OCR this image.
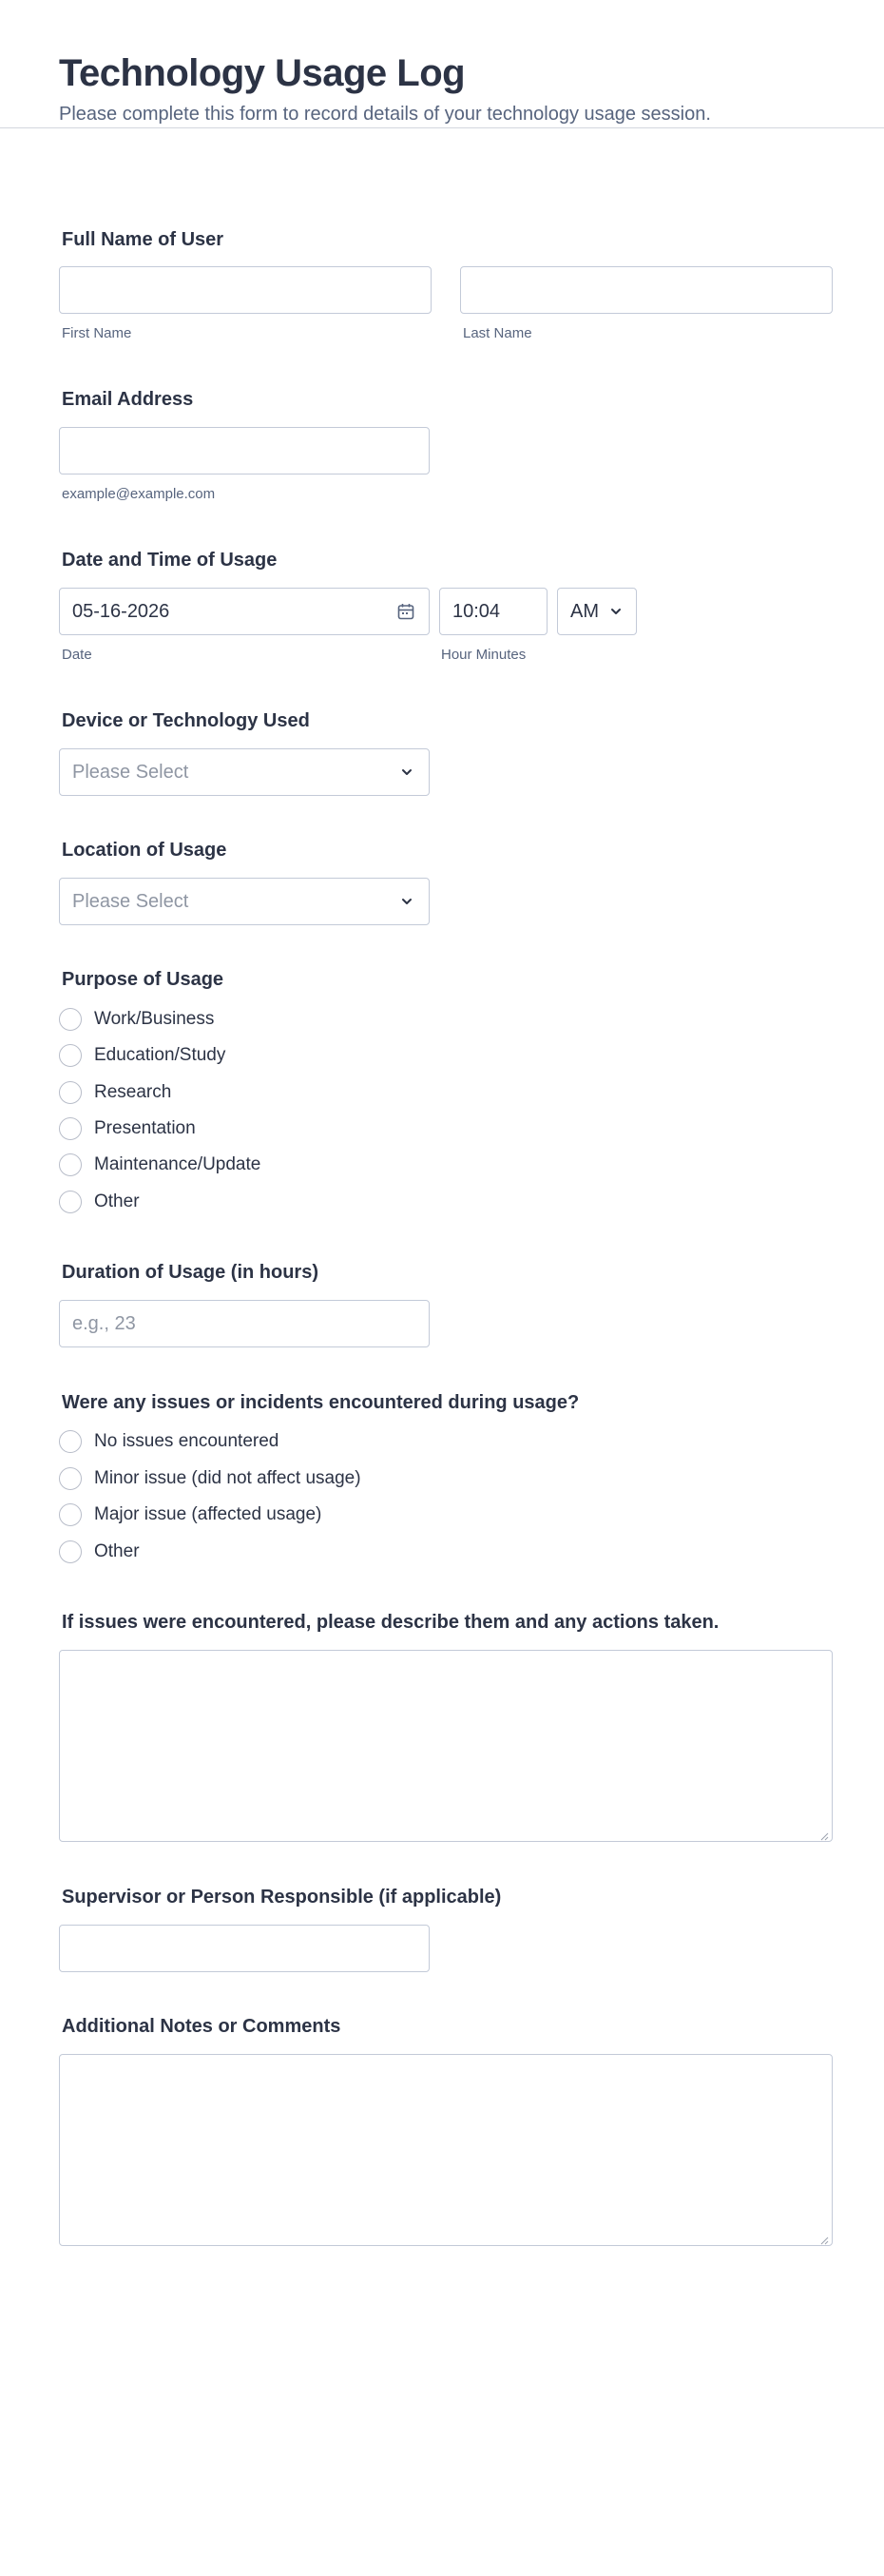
Technology Usage Log
Please complete this form to record details of your technology usage session.
Full Name of User
First Name	Last Name
Email Address
example@example.com
Date and Time of Usage
05-16-2026	10:04	AM
Date	Hour Minutes
Device or Technology Used
Please Select
Location of Usage
Please Select
Purpose of Usage
Work/Business
Education/Study
Research
Presentation
Maintenance/Update
Other
Duration of Usage (in hours)
e.g., 23
Were any issues or incidents encountered during usage?
No issues encountered
Minor issue (did not affect usage)
Major issue (affected usage)
Other
If issues were encountered, please describe them and any actions taken.
Supervisor or Person Responsible (if applicable)
Additional Notes or Comments
